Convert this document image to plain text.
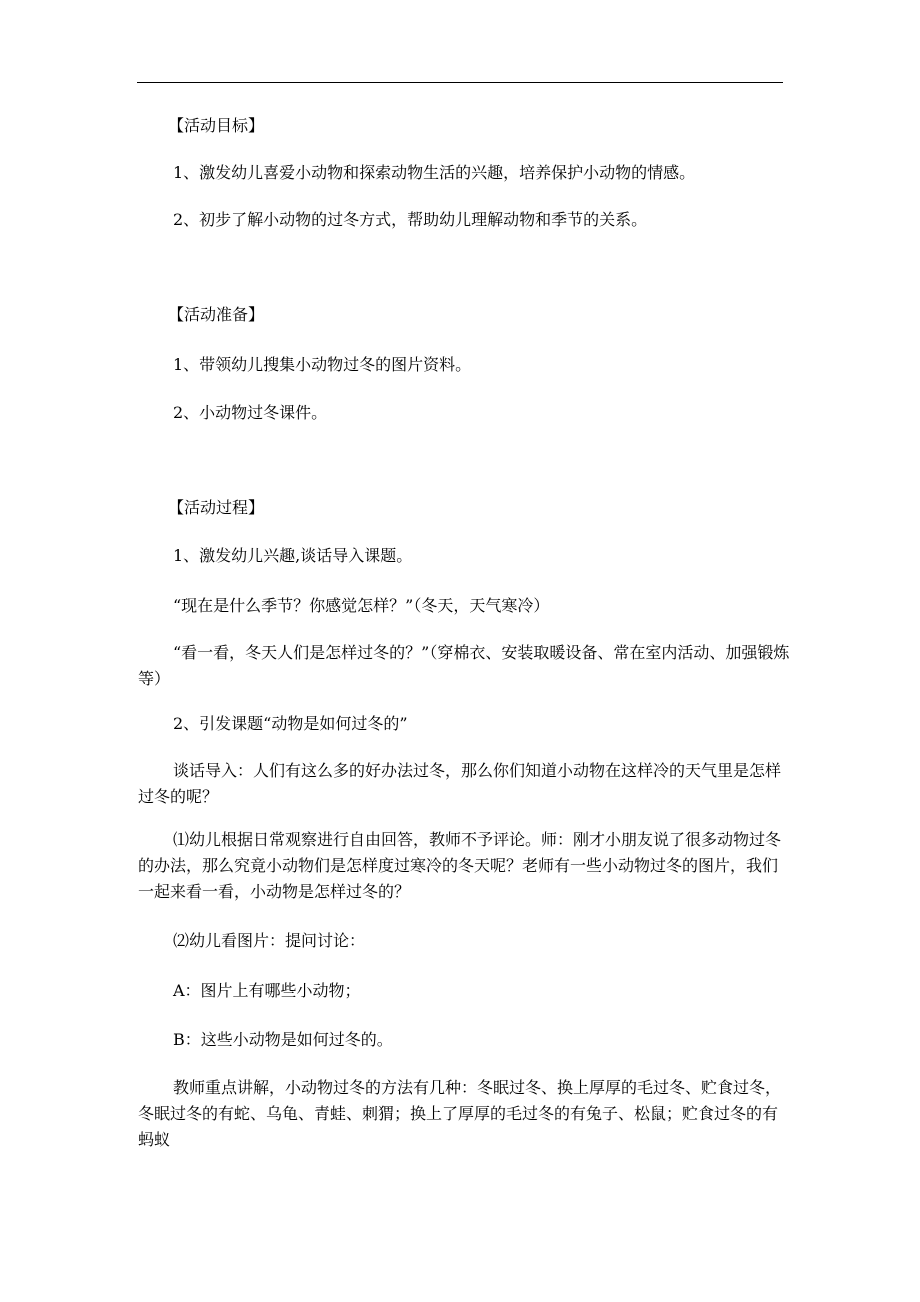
【活动目标】

1、激发幼儿喜爱小动物和探索动物生活的兴趣，培养保护小动物的情感。

2、初步了解小动物的过冬方式，帮助幼儿理解动物和季节的关系。

【活动准备】

1、带领幼儿搜集小动物过冬的图片资料。

2、小动物过冬课件。

【活动过程】

1、激发幼儿兴趣,谈话导入课题。

“现在是什么季节？你感觉怎样？”（冬天，天气寒冷）

“看一看，冬天人们是怎样过冬的？”（穿棉衣、安装取暖设备、常在室内活动、加强锻炼等）

2、引发课题“动物是如何过冬的”

谈话导入：人们有这么多的好办法过冬，那么你们知道小动物在这样冷的天气里是怎样过冬的呢？

⑴幼儿根据日常观察进行自由回答，教师不予评论。师：刚才小朋友说了很多动物过冬的办法，那么究竟小动物们是怎样度过寒冷的冬天呢？老师有一些小动物过冬的图片，我们一起来看一看，小动物是怎样过冬的？

⑵幼儿看图片：提问讨论：

A：图片上有哪些小动物；

B：这些小动物是如何过冬的。

教师重点讲解，小动物过冬的方法有几种：冬眠过冬、换上厚厚的毛过冬、贮食过冬，冬眠过冬的有蛇、乌龟、青蛙、刺猬；换上了厚厚的毛过冬的有兔子、松鼠；贮食过冬的有蚂蚁
